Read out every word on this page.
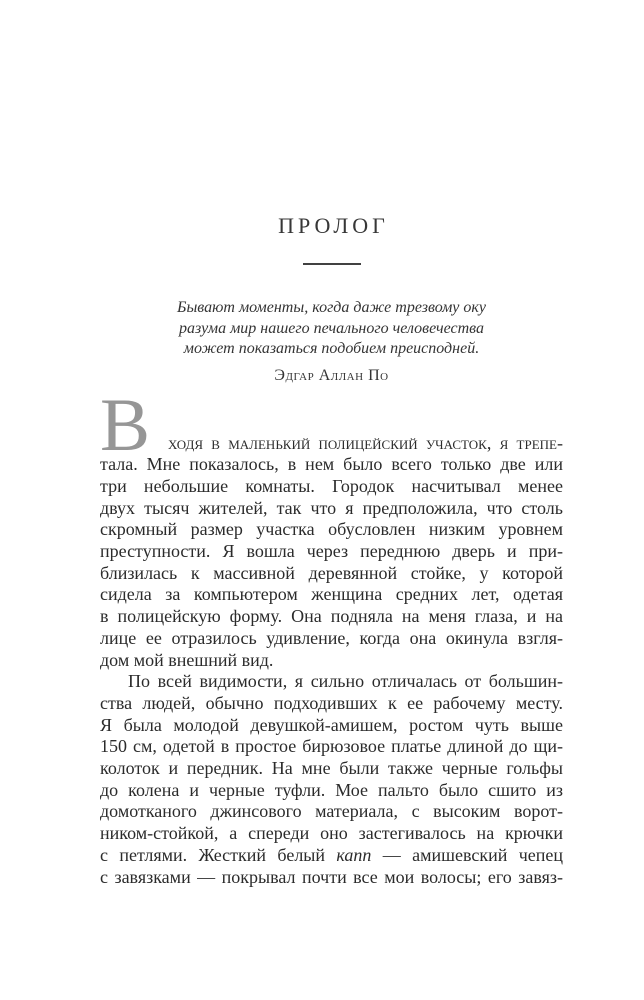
ПРОЛОГ
Бывают моменты, когда даже трезвому оку
разума мир нашего печального человечества
может показаться подобием преисподней.
Эдгар Аллан По
В ходя в маленький полицейский участок, я трепе-
тала. Мне показалось, в нем было всего только две или
три небольшие комнаты. Городок насчитывал менее
двух тысяч жителей, так что я предположила, что столь
скромный размер участка обусловлен низким уровнем
преступности. Я вошла через переднюю дверь и при-
близилась к массивной деревянной стойке, у которой
сидела за компьютером женщина средних лет, одетая
в полицейскую форму. Она подняла на меня глаза, и на
лице ее отразилось удивление, когда она окинула взгля-
дом мой внешний вид.
По всей видимости, я сильно отличалась от большин-
ства людей, обычно подходивших к ее рабочему месту.
Я была молодой девушкой-амишем, ростом чуть выше
150 см, одетой в простое бирюзовое платье длиной до щи-
колоток и передник. На мне были также черные гольфы
до колена и черные туфли. Мое пальто было сшито из
домотканого джинсового материала, с высоким ворот-
ником-стойкой, а спереди оно застегивалось на крючки
с петлями. Жесткий белый капп — амишевский чепец
с завязками — покрывал почти все мои волосы; его завяз-
